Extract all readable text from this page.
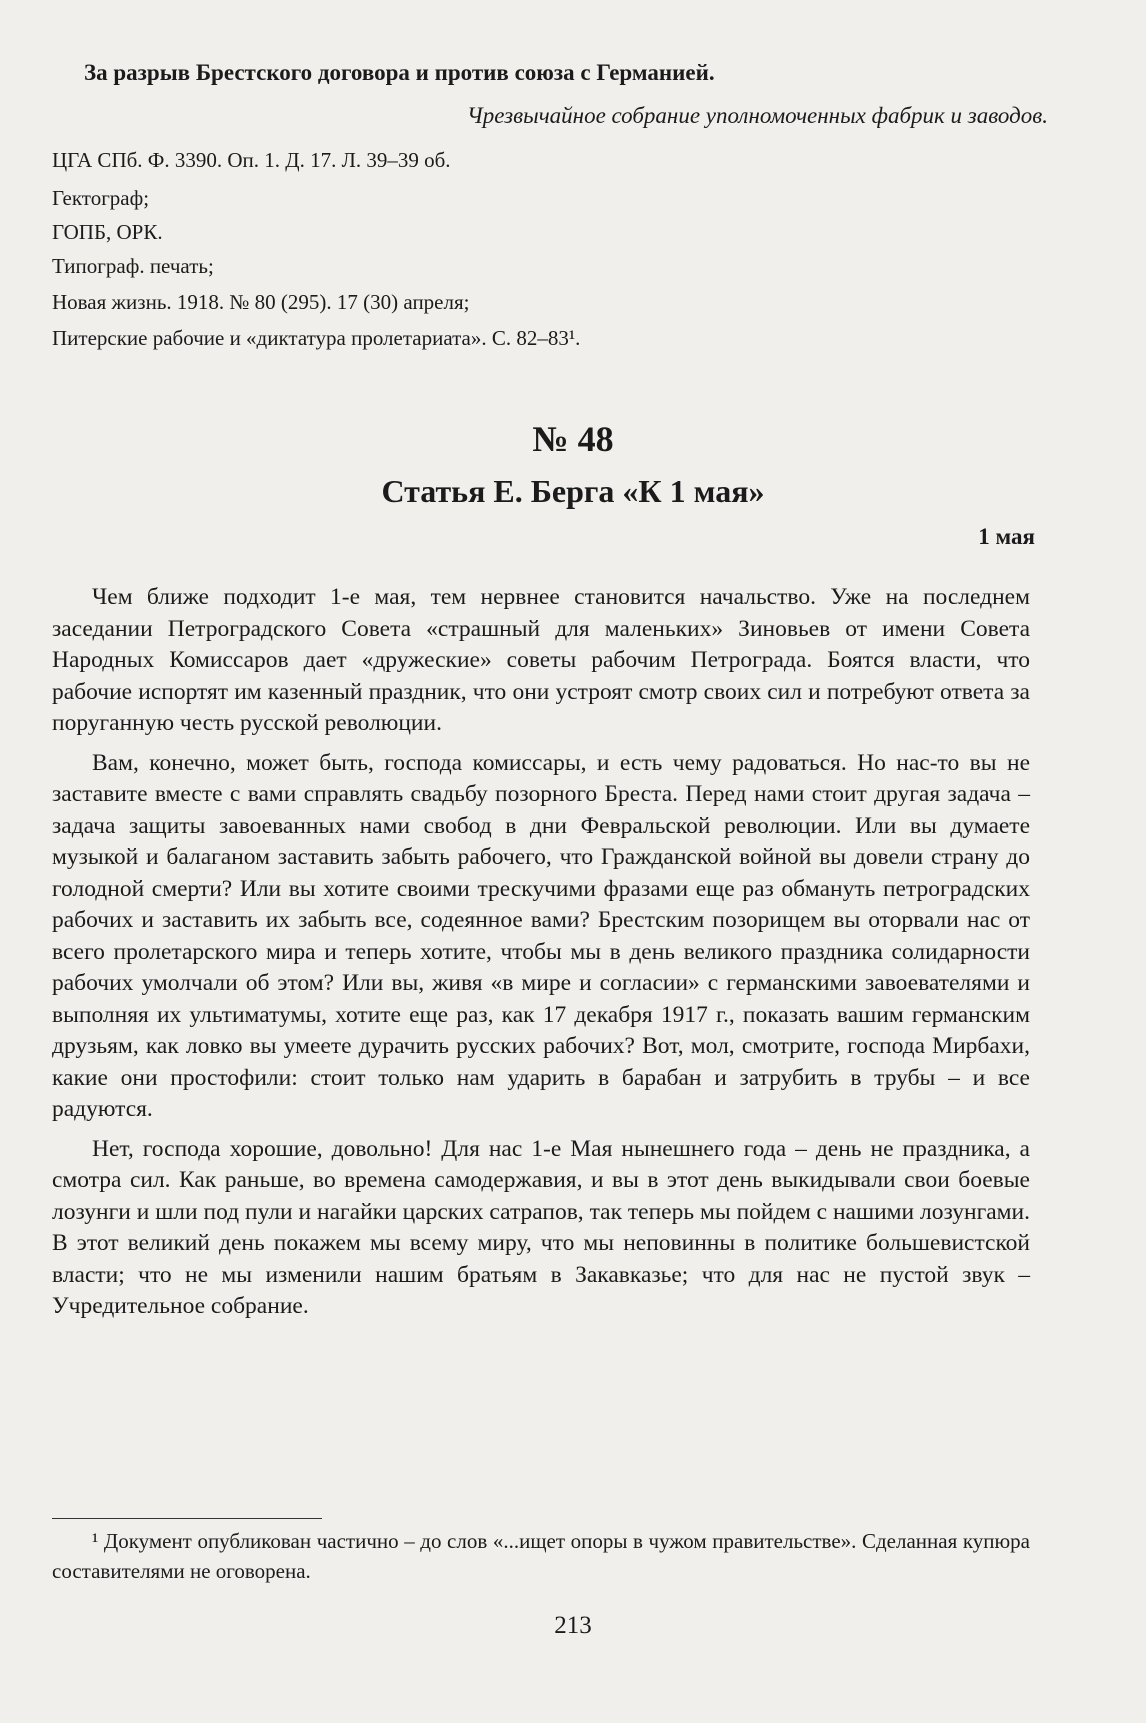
За разрыв Брестского договора и против союза с Германией.
Чрезвычайное собрание уполномоченных фабрик и заводов.
ЦГА СПб. Ф. 3390. Оп. 1. Д. 17. Л. 39–39 об.
Гектограф;
ГОПБ, ОРК.
Типограф. печать;
Новая жизнь. 1918. № 80 (295). 17 (30) апреля;
Питерские рабочие и «диктатура пролетариата». С. 82–83¹.
№ 48
Статья Е. Берга «К 1 мая»
1 мая

Чем ближе подходит 1-е мая, тем нервнее становится начальство. Уже на последнем заседании Петроградского Совета «страшный для маленьких» Зиновьев от имени Совета Народных Комиссаров дает «дружеские» советы рабочим Петрограда. Боятся власти, что рабочие испортят им казенный праздник, что они устроят смотр своих сил и потребуют ответа за поруганную честь русской революции.

Вам, конечно, может быть, господа комиссары, и есть чему радоваться. Но нас-то вы не заставите вместе с вами справлять свадьбу позорного Бреста. Перед нами стоит другая задача – задача защиты завоеванных нами свобод в дни Февральской революции. Или вы думаете музыкой и балаганом заставить забыть рабочего, что Гражданской войной вы довели страну до голодной смерти? Или вы хотите своими трескучими фразами еще раз обмануть петроградских рабочих и заставить их забыть все, содеянное вами? Брестским позорищем вы оторвали нас от всего пролетарского мира и теперь хотите, чтобы мы в день великого праздника солидарности рабочих умолчали об этом? Или вы, живя «в мире и согласии» с германскими завоевателями и выполняя их ультиматумы, хотите еще раз, как 17 декабря 1917 г., показать вашим германским друзьям, как ловко вы умеете дурачить русских рабочих? Вот, мол, смотрите, господа Мирбахи, какие они простофили: стоит только нам ударить в барабан и затрубить в трубы – и все радуются.

Нет, господа хорошие, довольно! Для нас 1-е Мая нынешнего года – день не праздника, а смотра сил. Как раньше, во времена самодержавия, и вы в этот день выкидывали свои боевые лозунги и шли под пули и нагайки царских сатрапов, так теперь мы пойдем с нашими лозунгами. В этот великий день покажем мы всему миру, что мы неповинны в политике большевистской власти; что не мы изменили нашим братьям в Закавказье; что для нас не пустой звук – Учредительное собрание.

¹ Документ опубликован частично – до слов «...ищет опоры в чужом правительстве». Сделанная купюра составителями не оговорена.
213
